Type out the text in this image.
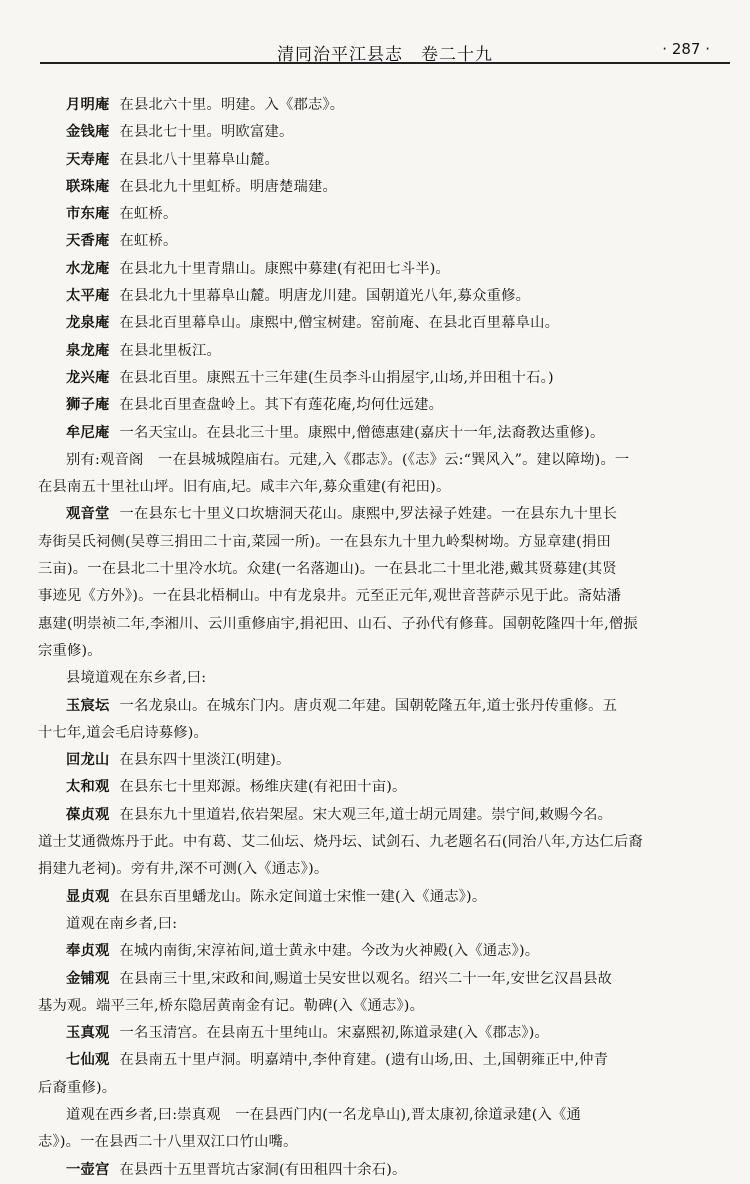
清同治平江县志　卷二十九	· 287 ·
月明庵 在县北六十里。明建。入《郡志》。
金钱庵 在县北七十里。明欧富建。
天寿庵 在县北八十里幕阜山麓。
联珠庵 在县北九十里虹桥。明唐楚瑞建。
市东庵 在虹桥。
天香庵 在虹桥。
水龙庵 在县北九十里青鼎山。康熙中募建(有祀田七斗半)。
太平庵 在县北九十里幕阜山麓。明唐龙川建。国朝道光八年,募众重修。
龙泉庵 在县北百里幕阜山。康熙中,僧宝树建。窑前庵、在县北百里幕阜山。
泉龙庵 在县北里板江。
龙兴庵 在县北百里。康熙五十三年建(生员李斗山捐屋宇,山场,并田租十石。)
狮子庵 在县北百里查盘岭上。其下有莲花庵,均何仕远建。
牟尼庵 一名天宝山。在县北三十里。康熙中,僧德惠建(嘉庆十一年,法裔教达重修)。
别有:观音阁　一在县城城隍庙右。元建,入《郡志》。(《志》云:“巽风入”。建以障坳)。一
在县南五十里社山坪。旧有庙,圮。咸丰六年,募众重建(有祀田)。
观音堂 一在县东七十里义口坎塘洞天花山。康熙中,罗法禄子姓建。一在县东九十里长
寿街吴氏祠侧(吴尊三捐田二十亩,菜园一所)。一在县东九十里九岭梨树坳。方显章建(捐田
三亩)。一在县北二十里冷水坑。众建(一名落迦山)。一在县北二十里北港,戴其贤募建(其贤
事迹见《方外》)。一在县北梧桐山。中有龙泉井。元至正元年,观世音菩萨示见于此。斋姑潘
惠建(明崇祯二年,李湘川、云川重修庙宇,捐祀田、山石、子孙代有修葺。国朝乾隆四十年,僧振
宗重修)。
县境道观在东乡者,曰:
玉宸坛 一名龙泉山。在城东门内。唐贞观二年建。国朝乾隆五年,道士张丹传重修。五
十七年,道会毛启诗募修)。
回龙山 在县东四十里淡江(明建)。
太和观 在县东七十里郑源。杨维庆建(有祀田十亩)。
葆贞观 在县东九十里道岩,依岩架屋。宋大观三年,道士胡元周建。崇宁间,敕赐今名。
道士艾通微炼丹于此。中有葛、艾二仙坛、烧丹坛、试剑石、九老题名石(同治八年,方达仁后裔
捐建九老祠)。旁有井,深不可测(入《通志》)。
显贞观 在县东百里蟠龙山。陈永定间道士宋惟一建(入《通志》)。
道观在南乡者,曰:
奉贞观 在城内南街,宋淳祐间,道士黄永中建。今改为火神殿(入《通志》)。
金铺观 在县南三十里,宋政和间,赐道士吴安世以观名。绍兴二十一年,安世乞汉昌县故
基为观。端平三年,桥东隐居黄南金有记。勒碑(入《通志》)。
玉真观 一名玉清宫。在县南五十里纯山。宋嘉熙初,陈道录建(入《郡志》)。
七仙观 在县南五十里卢洞。明嘉靖中,李仲育建。(遗有山场,田、土,国朝雍正中,仲青
后裔重修)。
道观在西乡者,曰:崇真观　一在县西门内(一名龙阜山),晋太康初,徐道录建(入《通
志》)。一在县西二十八里双江口竹山嘴。
一壶宫 在县西十五里晋坑古家洞(有田租四十余石)。
